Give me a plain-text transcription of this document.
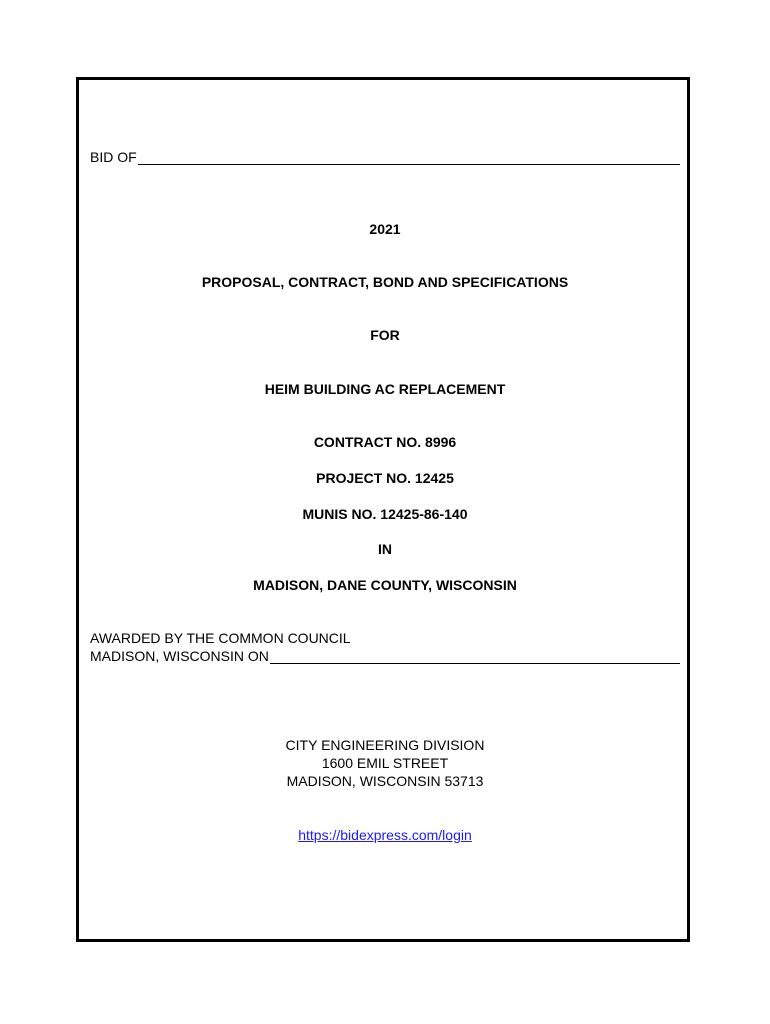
BID OF
2021
PROPOSAL, CONTRACT, BOND AND SPECIFICATIONS
FOR
HEIM BUILDING AC REPLACEMENT
CONTRACT NO. 8996
PROJECT NO. 12425
MUNIS NO. 12425-86-140
IN
MADISON, DANE COUNTY, WISCONSIN
AWARDED BY THE COMMON COUNCIL
MADISON, WISCONSIN ON
CITY ENGINEERING DIVISION
1600 EMIL STREET
MADISON, WISCONSIN 53713
https://bidexpress.com/login
